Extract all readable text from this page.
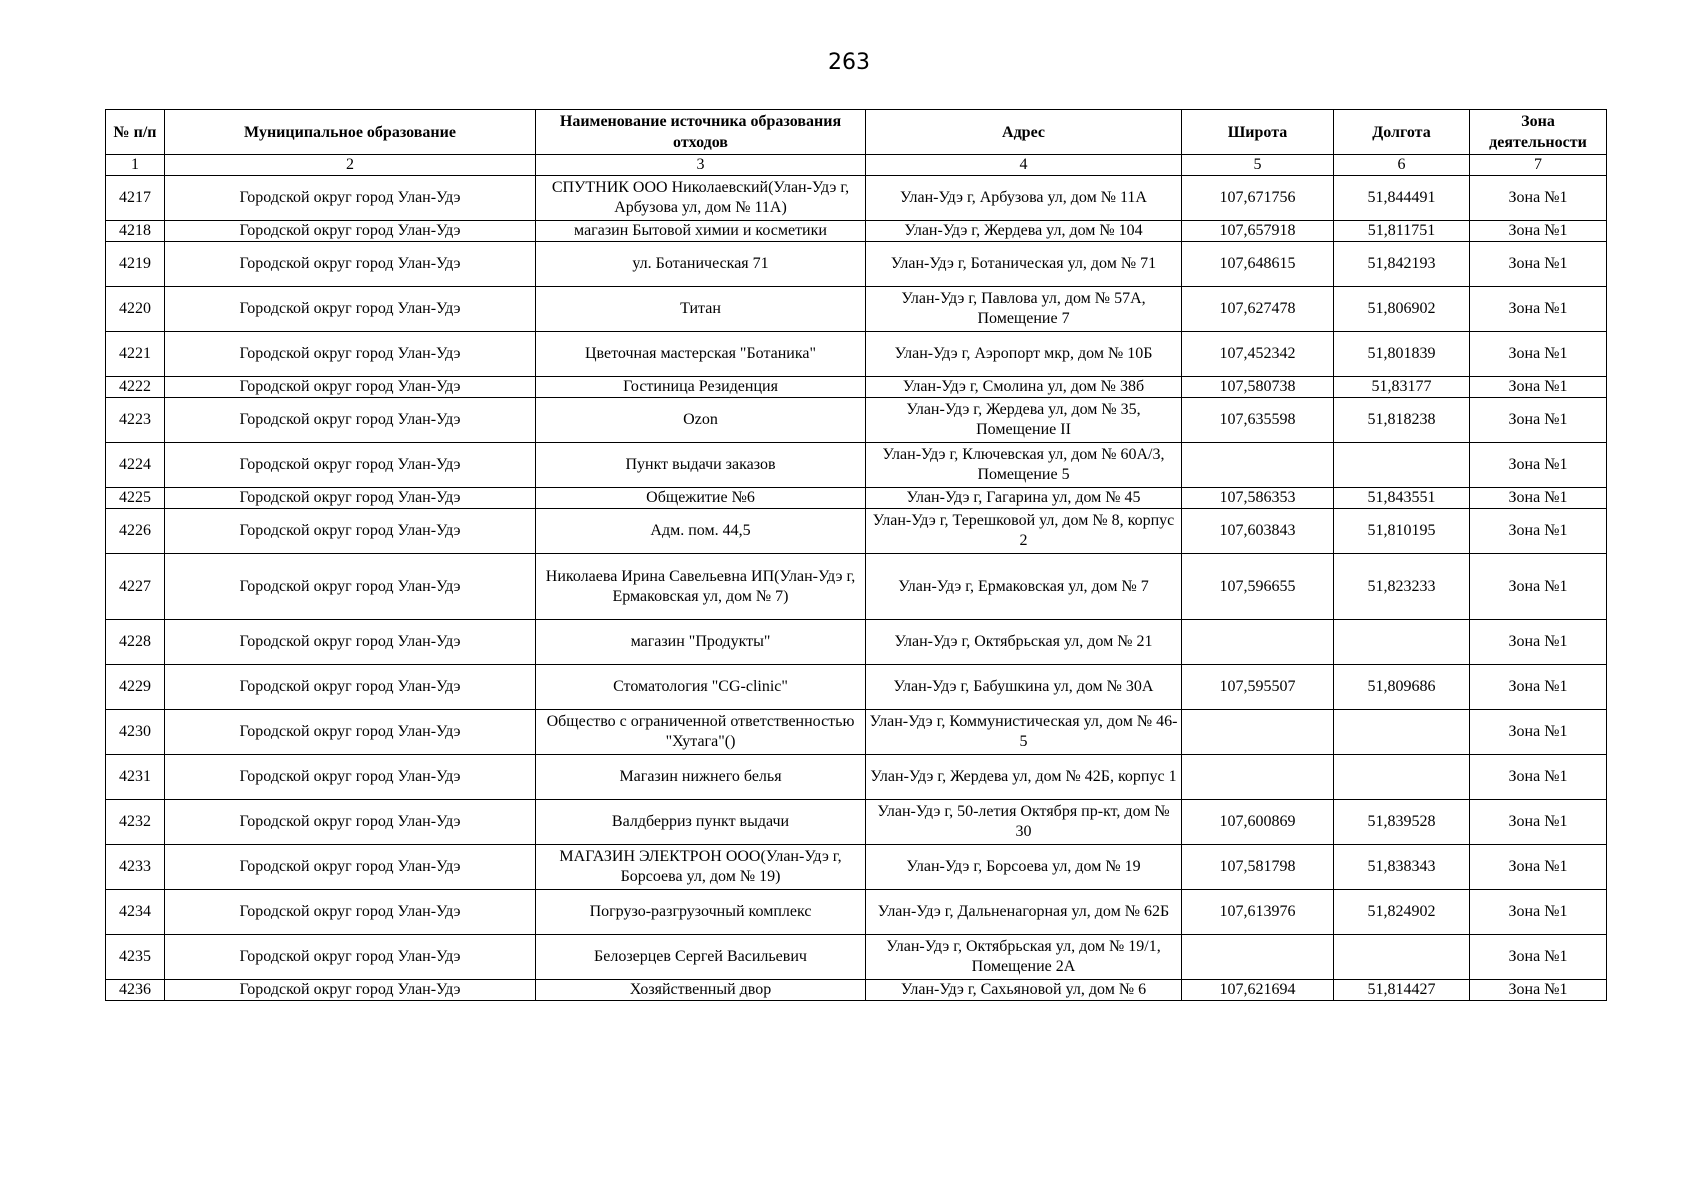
263
№ п/п	Муниципальное образование	Наименование источника образования отходов	Адрес	Широта	Долгота	Зона деятельности
1	2	3	4	5	6	7
4217	Городской округ город Улан-Удэ	СПУТНИК ООО Николаевский(Улан-Удэ г, Арбузова ул, дом № 11А)	Улан-Удэ г, Арбузова ул, дом № 11А	107,671756	51,844491	Зона №1
4218	Городской округ город Улан-Удэ	магазин Бытовой химии и косметики	Улан-Удэ г, Жердева ул, дом № 104	107,657918	51,811751	Зона №1
4219	Городской округ город Улан-Удэ	ул. Ботаническая 71	Улан-Удэ г, Ботаническая ул, дом № 71	107,648615	51,842193	Зона №1
4220	Городской округ город Улан-Удэ	Титан	Улан-Удэ г, Павлова ул, дом № 57А, Помещение 7	107,627478	51,806902	Зона №1
4221	Городской округ город Улан-Удэ	Цветочная мастерская "Ботаника"	Улан-Удэ г, Аэропорт мкр, дом № 10Б	107,452342	51,801839	Зона №1
4222	Городской округ город Улан-Удэ	Гостиница Резиденция	Улан-Удэ г, Смолина ул, дом № 38б	107,580738	51,83177	Зона №1
4223	Городской округ город Улан-Удэ	Ozon	Улан-Удэ г, Жердева ул, дом № 35, Помещение II	107,635598	51,818238	Зона №1
4224	Городской округ город Улан-Удэ	Пункт выдачи заказов	Улан-Удэ г, Ключевская ул, дом № 60А/3, Помещение 5			Зона №1
4225	Городской округ город Улан-Удэ	Общежитие №6	Улан-Удэ г, Гагарина ул, дом № 45	107,586353	51,843551	Зона №1
4226	Городской округ город Улан-Удэ	Адм. пом. 44,5	Улан-Удэ г, Терешковой ул, дом № 8, корпус 2	107,603843	51,810195	Зона №1
4227	Городской округ город Улан-Удэ	Николаева Ирина Савельевна ИП(Улан-Удэ г, Ермаковская ул, дом № 7)	Улан-Удэ г, Ермаковская ул, дом № 7	107,596655	51,823233	Зона №1
4228	Городской округ город Улан-Удэ	магазин "Продукты"	Улан-Удэ г, Октябрьская ул, дом № 21			Зона №1
4229	Городской округ город Улан-Удэ	Стоматология "CG-clinic"	Улан-Удэ г, Бабушкина ул, дом № 30А	107,595507	51,809686	Зона №1
4230	Городской округ город Улан-Удэ	Общество с ограниченной ответственностью "Хутага"()	Улан-Удэ г, Коммунистическая ул, дом № 46-5			Зона №1
4231	Городской округ город Улан-Удэ	Магазин нижнего белья	Улан-Удэ г, Жердева ул, дом № 42Б, корпус 1			Зона №1
4232	Городской округ город Улан-Удэ	Валдберриз пункт выдачи	Улан-Удэ г, 50-летия Октября пр-кт, дом № 30	107,600869	51,839528	Зона №1
4233	Городской округ город Улан-Удэ	МАГАЗИН ЭЛЕКТРОН ООО(Улан-Удэ г, Борсоева ул, дом № 19)	Улан-Удэ г, Борсоева ул, дом № 19	107,581798	51,838343	Зона №1
4234	Городской округ город Улан-Удэ	Погрузо-разгрузочный комплекс	Улан-Удэ г, Дальненагорная ул, дом № 62Б	107,613976	51,824902	Зона №1
4235	Городской округ город Улан-Удэ	Белозерцев Сергей Васильевич	Улан-Удэ г, Октябрьская ул, дом № 19/1, Помещение 2А			Зона №1
4236	Городской округ город Улан-Удэ	Хозяйственный двор	Улан-Удэ г, Сахьяновой ул, дом № 6	107,621694	51,814427	Зона №1
